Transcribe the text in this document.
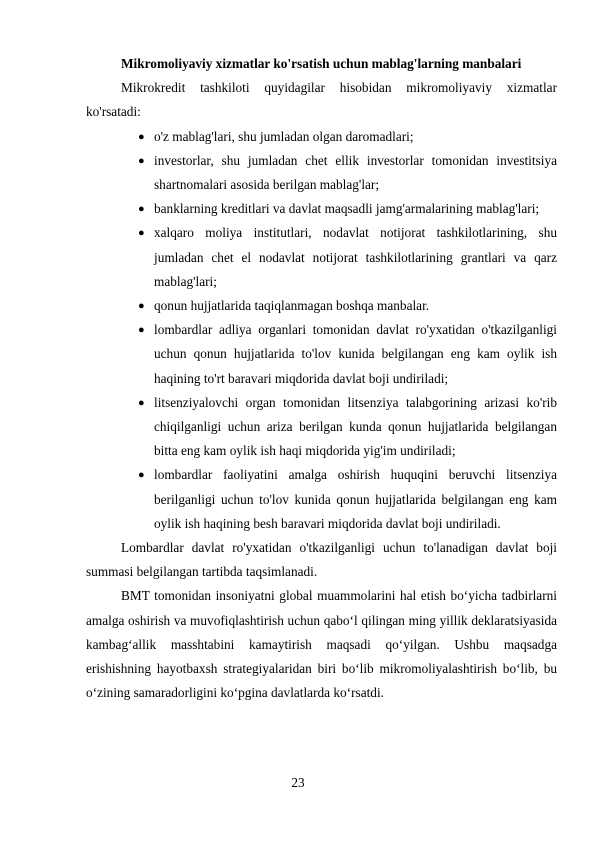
Mikromoliyaviy xizmatlar ko'rsatish uchun mablag'larning manbalari

Mikrokredit tashkiloti quyidagilar hisobidan mikromoliyaviy xizmatlar ko'rsatadi:

● o'z mablag'lari, shu jumladan olgan daromadlari;
● investorlar, shu jumladan chet ellik investorlar tomonidan investitsiya shartnomalari asosida berilgan mablag'lar;
● banklarning kreditlari va davlat maqsadli jamg'armalarining mablag'lari;
● xalqaro moliya institutlari, nodavlat notijorat tashkilotlarining, shu jumladan chet el nodavlat notijorat tashkilotlarining grantlari va qarz mablag'lari;
● qonun hujjatlarida taqiqlanmagan boshqa manbalar.
● lombardlar adliya organlari tomonidan davlat ro'yxatidan o'tkazilganligi uchun qonun hujjatlarida to'lov kunida belgilangan eng kam oylik ish haqining to'rt baravari miqdorida davlat boji undiriladi;
● litsenziyalovchi organ tomonidan litsenziya talabgorining arizasi ko'rib chiqilganligi uchun ariza berilgan kunda qonun hujjatlarida belgilangan bitta eng kam oylik ish haqi miqdorida yig'im undiriladi;
● lombardlar faoliyatini amalga oshirish huquqini beruvchi litsenziya berilganligi uchun to'lov kunida qonun hujjatlarida belgilangan eng kam oylik ish haqining besh baravari miqdorida davlat boji undiriladi.

Lombardlar davlat ro'yxatidan o'tkazilganligi uchun to'lanadigan davlat boji summasi belgilangan tartibda taqsimlanadi.

BMT tomonidan insoniyatni global muammolarini hal etish bo‘yicha tadbirlarni amalga oshirish va muvofiqlashtirish uchun qabo‘l qilingan ming yillik deklaratsiyasida kambag‘allik masshtabini kamaytirish maqsadi qo‘yilgan. Ushbu maqsadga erishishning hayotbaxsh strategiyalaridan biri bo‘lib mikromoliyalashtirish bo‘lib, bu o‘zining samaradorligini ko‘pgina davlatlarda ko‘rsatdi.

23
